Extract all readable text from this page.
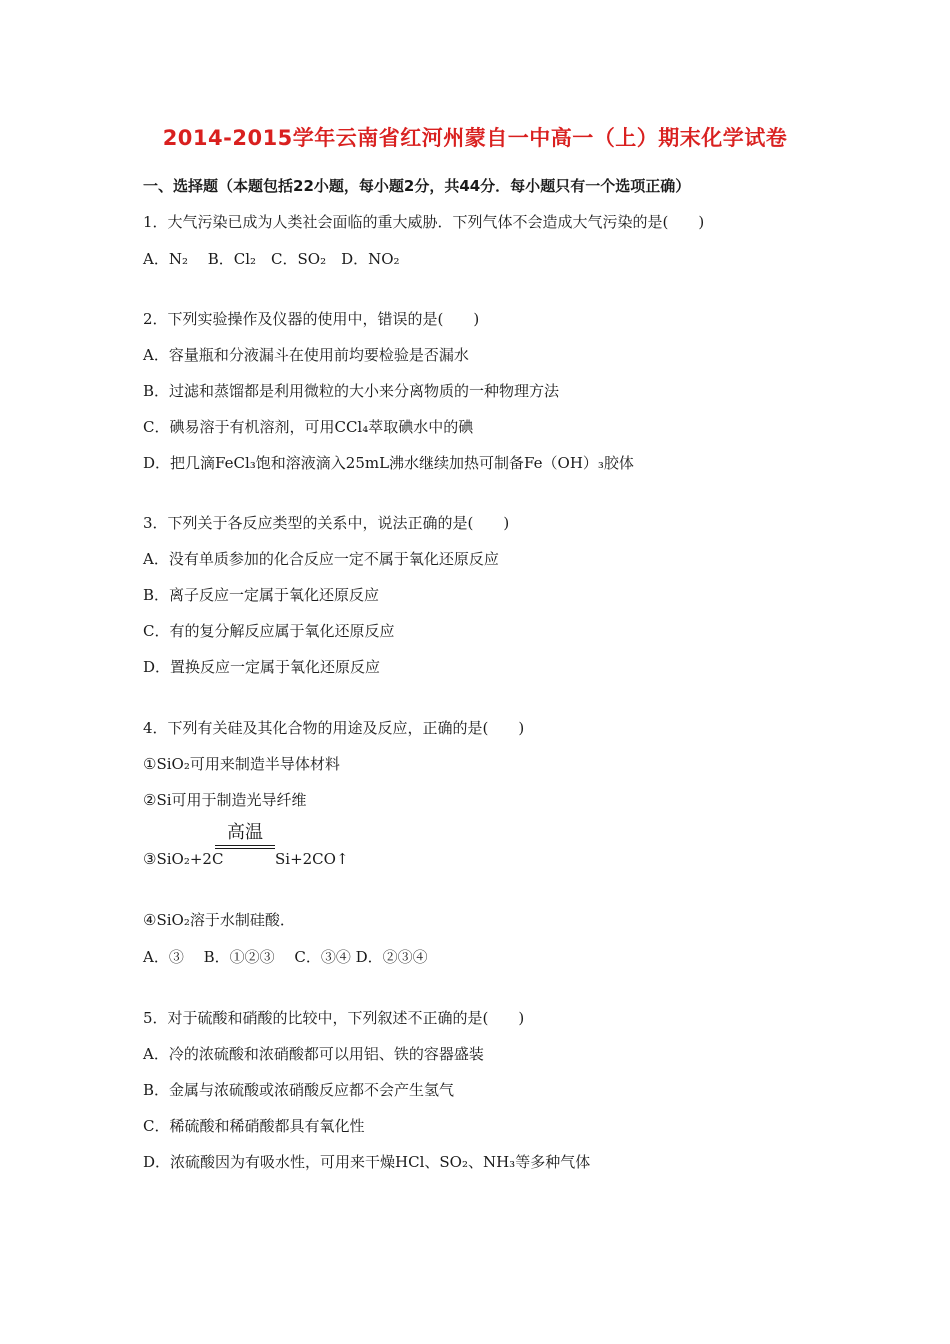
2014-2015学年云南省红河州蒙自一中高一（上）期末化学试卷
一、选择题（本题包括22小题，每小题2分，共44分．每小题只有一个选项正确）
1．大气污染已成为人类社会面临的重大威胁．下列气体不会造成大气污染的是(　　)
A．N₂　 B．Cl₂　C．SO₂　D．NO₂
2．下列实验操作及仪器的使用中，错误的是(　　)
A．容量瓶和分液漏斗在使用前均要检验是否漏水
B．过滤和蒸馏都是利用微粒的大小来分离物质的一种物理方法
C．碘易溶于有机溶剂，可用CCl₄萃取碘水中的碘
D．把几滴FeCl₃饱和溶液滴入25mL沸水继续加热可制备Fe（OH）₃胶体
3．下列关于各反应类型的关系中，说法正确的是(　　)
A．没有单质参加的化合反应一定不属于氧化还原反应
B．离子反应一定属于氧化还原反应
C．有的复分解反应属于氧化还原反应
D．置换反应一定属于氧化还原反应
4．下列有关硅及其化合物的用途及反应，正确的是(　　)
①SiO₂可用来制造半导体材料
②Si可用于制造光导纤维
高温
③SiO₂+2C	Si+2CO↑
④SiO₂溶于水制硅酸．
A．③　 B．①②③　 C．③④ D．②③④
5．对于硫酸和硝酸的比较中，下列叙述不正确的是(　　)
A．冷的浓硫酸和浓硝酸都可以用铝、铁的容器盛装
B．金属与浓硫酸或浓硝酸反应都不会产生氢气
C．稀硫酸和稀硝酸都具有氧化性
D．浓硫酸因为有吸水性，可用来干燥HCl、SO₂、NH₃等多种气体
